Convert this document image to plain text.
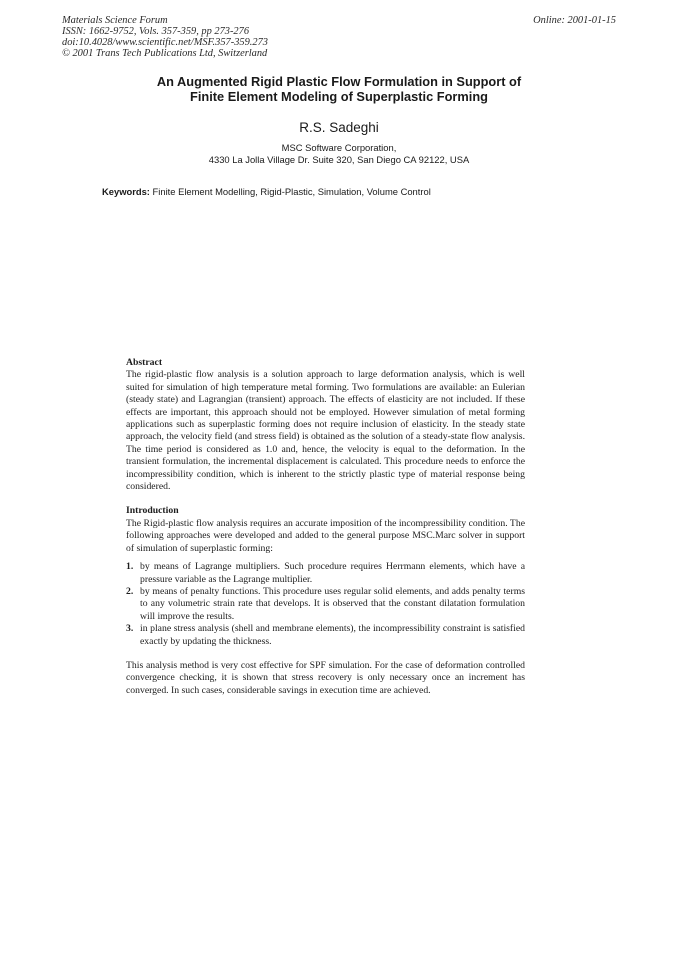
Materials Science Forum
ISSN: 1662-9752, Vols. 357-359, pp 273-276
doi:10.4028/www.scientific.net/MSF.357-359.273
© 2001 Trans Tech Publications Ltd, Switzerland
Online: 2001-01-15
An Augmented Rigid Plastic Flow Formulation in Support of
Finite Element Modeling of Superplastic Forming
R.S. Sadeghi
MSC Software Corporation,
4330 La Jolla Village Dr. Suite 320, San Diego CA 92122, USA
Keywords: Finite Element Modelling, Rigid-Plastic, Simulation, Volume Control

Abstract

The rigid-plastic flow analysis is a solution approach to large deformation analysis, which is well suited for simulation of high temperature metal forming. Two formulations are available: an Eulerian (steady state) and Lagrangian (transient) approach. The effects of elasticity are not included. If these effects are important, this approach should not be employed. However simulation of metal forming applications such as superplastic forming does not require inclusion of elasticity. In the steady state approach, the velocity field (and stress field) is obtained as the solution of a steady-state flow analysis. The time period is considered as 1.0 and, hence, the velocity is equal to the deformation. In the transient formulation, the incremental displacement is calculated. This procedure needs to enforce the incompressibility condition, which is inherent to the strictly plastic type of material response being considered.

Introduction

The Rigid-plastic flow analysis requires an accurate imposition of the incompressibility condition. The following approaches were developed and added to the general purpose MSC.Marc solver in support of simulation of superplastic forming:

1. by means of Lagrange multipliers. Such procedure requires Herrmann elements, which have a pressure variable as the Lagrange multiplier.
2. by means of penalty functions. This procedure uses regular solid elements, and adds penalty terms to any volumetric strain rate that develops. It is observed that the constant dilatation formulation will improve the results.
3. in plane stress analysis (shell and membrane elements), the incompressibility constraint is satisfied exactly by updating the thickness.

This analysis method is very cost effective for SPF simulation. For the case of deformation controlled convergence checking, it is shown that stress recovery is only necessary once an increment has converged. In such cases, considerable savings in execution time are achieved.
